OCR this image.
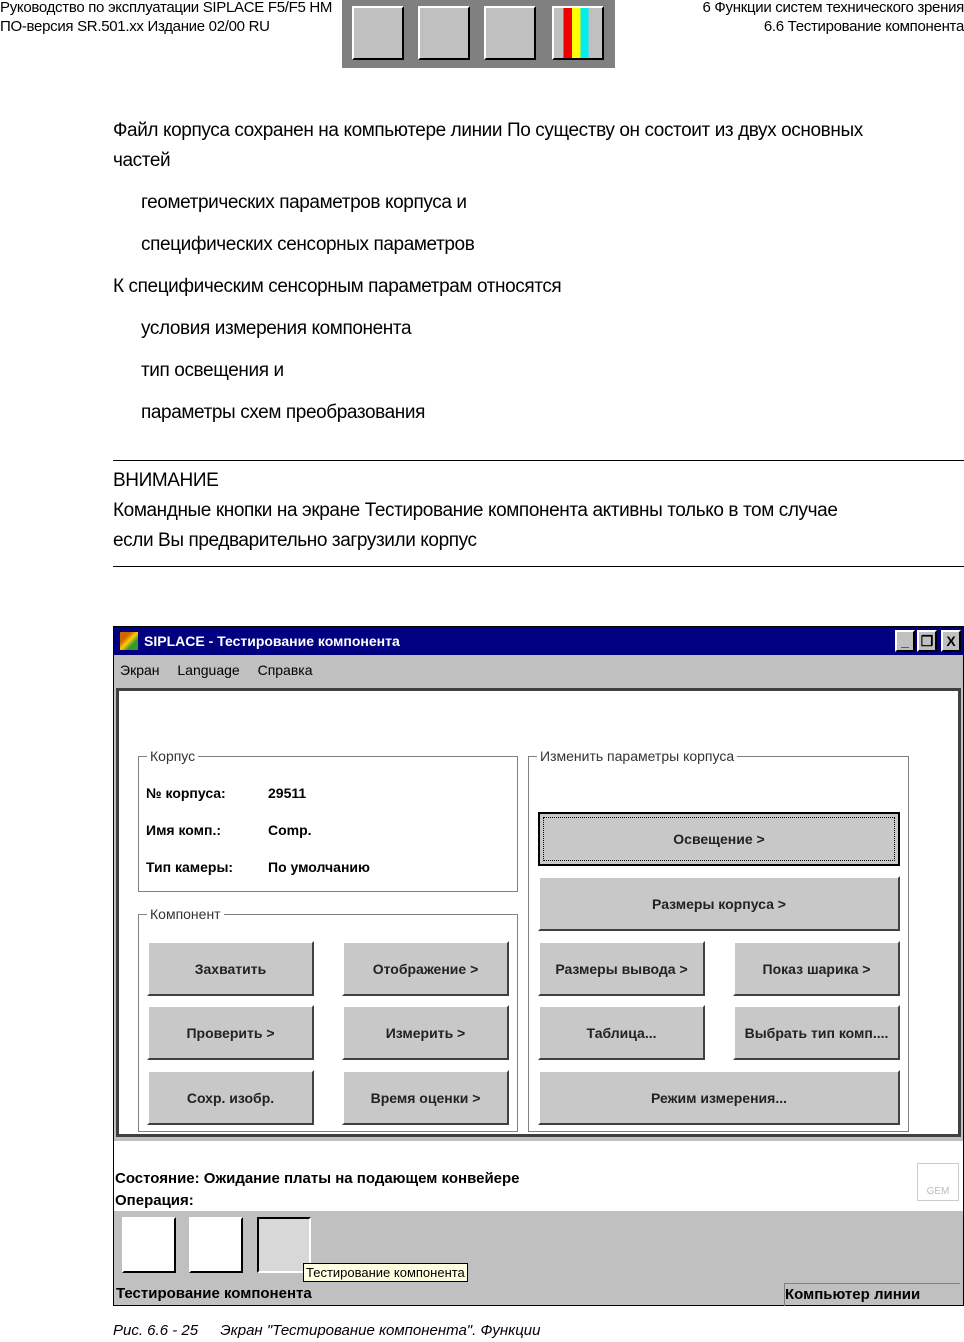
Руководство по эксплуатации SIPLACE F5/F5 HM
ПО-версия SR.501.xx Издание 02/00 RU
6 Функции систем технического зрения
6.6 Тестирование компонента
Файл корпуса сохранен на компьютере линии По существу он состоит из двух основных
частей
геометрических параметров корпуса и
специфических сенсорных параметров
К специфическим сенсорным параметрам относятся
условия измерения компонента
тип освещения и
параметры схем преобразования
ВНИМАНИЕ
Командные кнопки на экране Тестирование компонента активны только в том случае
если Вы предварительно загрузили корпус
SIPLACE - Тестирование компонента	_ ❐ X
Экран Language Справка
Корпус
№ корпуса:	29511
Имя комп.:	Comp.
Тип камеры: По умолчанию
Компонент
Захватить	Отображение >
Проверить >	Измерить >
Сохр. изобр.	Время оценки >
Изменить параметры корпуса
Освещение >
Размеры корпуса >
Размеры вывода >	Показ шарика >
Таблица...	Выбрать тип комп....
Режим измерения...
Состояние: Ожидание платы на подающем конвейере
Операция:
GEM
Тестирование компонента
Тестирование компонента	Компьютер линии
Рис. 6.6 - 25 Экран "Тестирование компонента". Функции
